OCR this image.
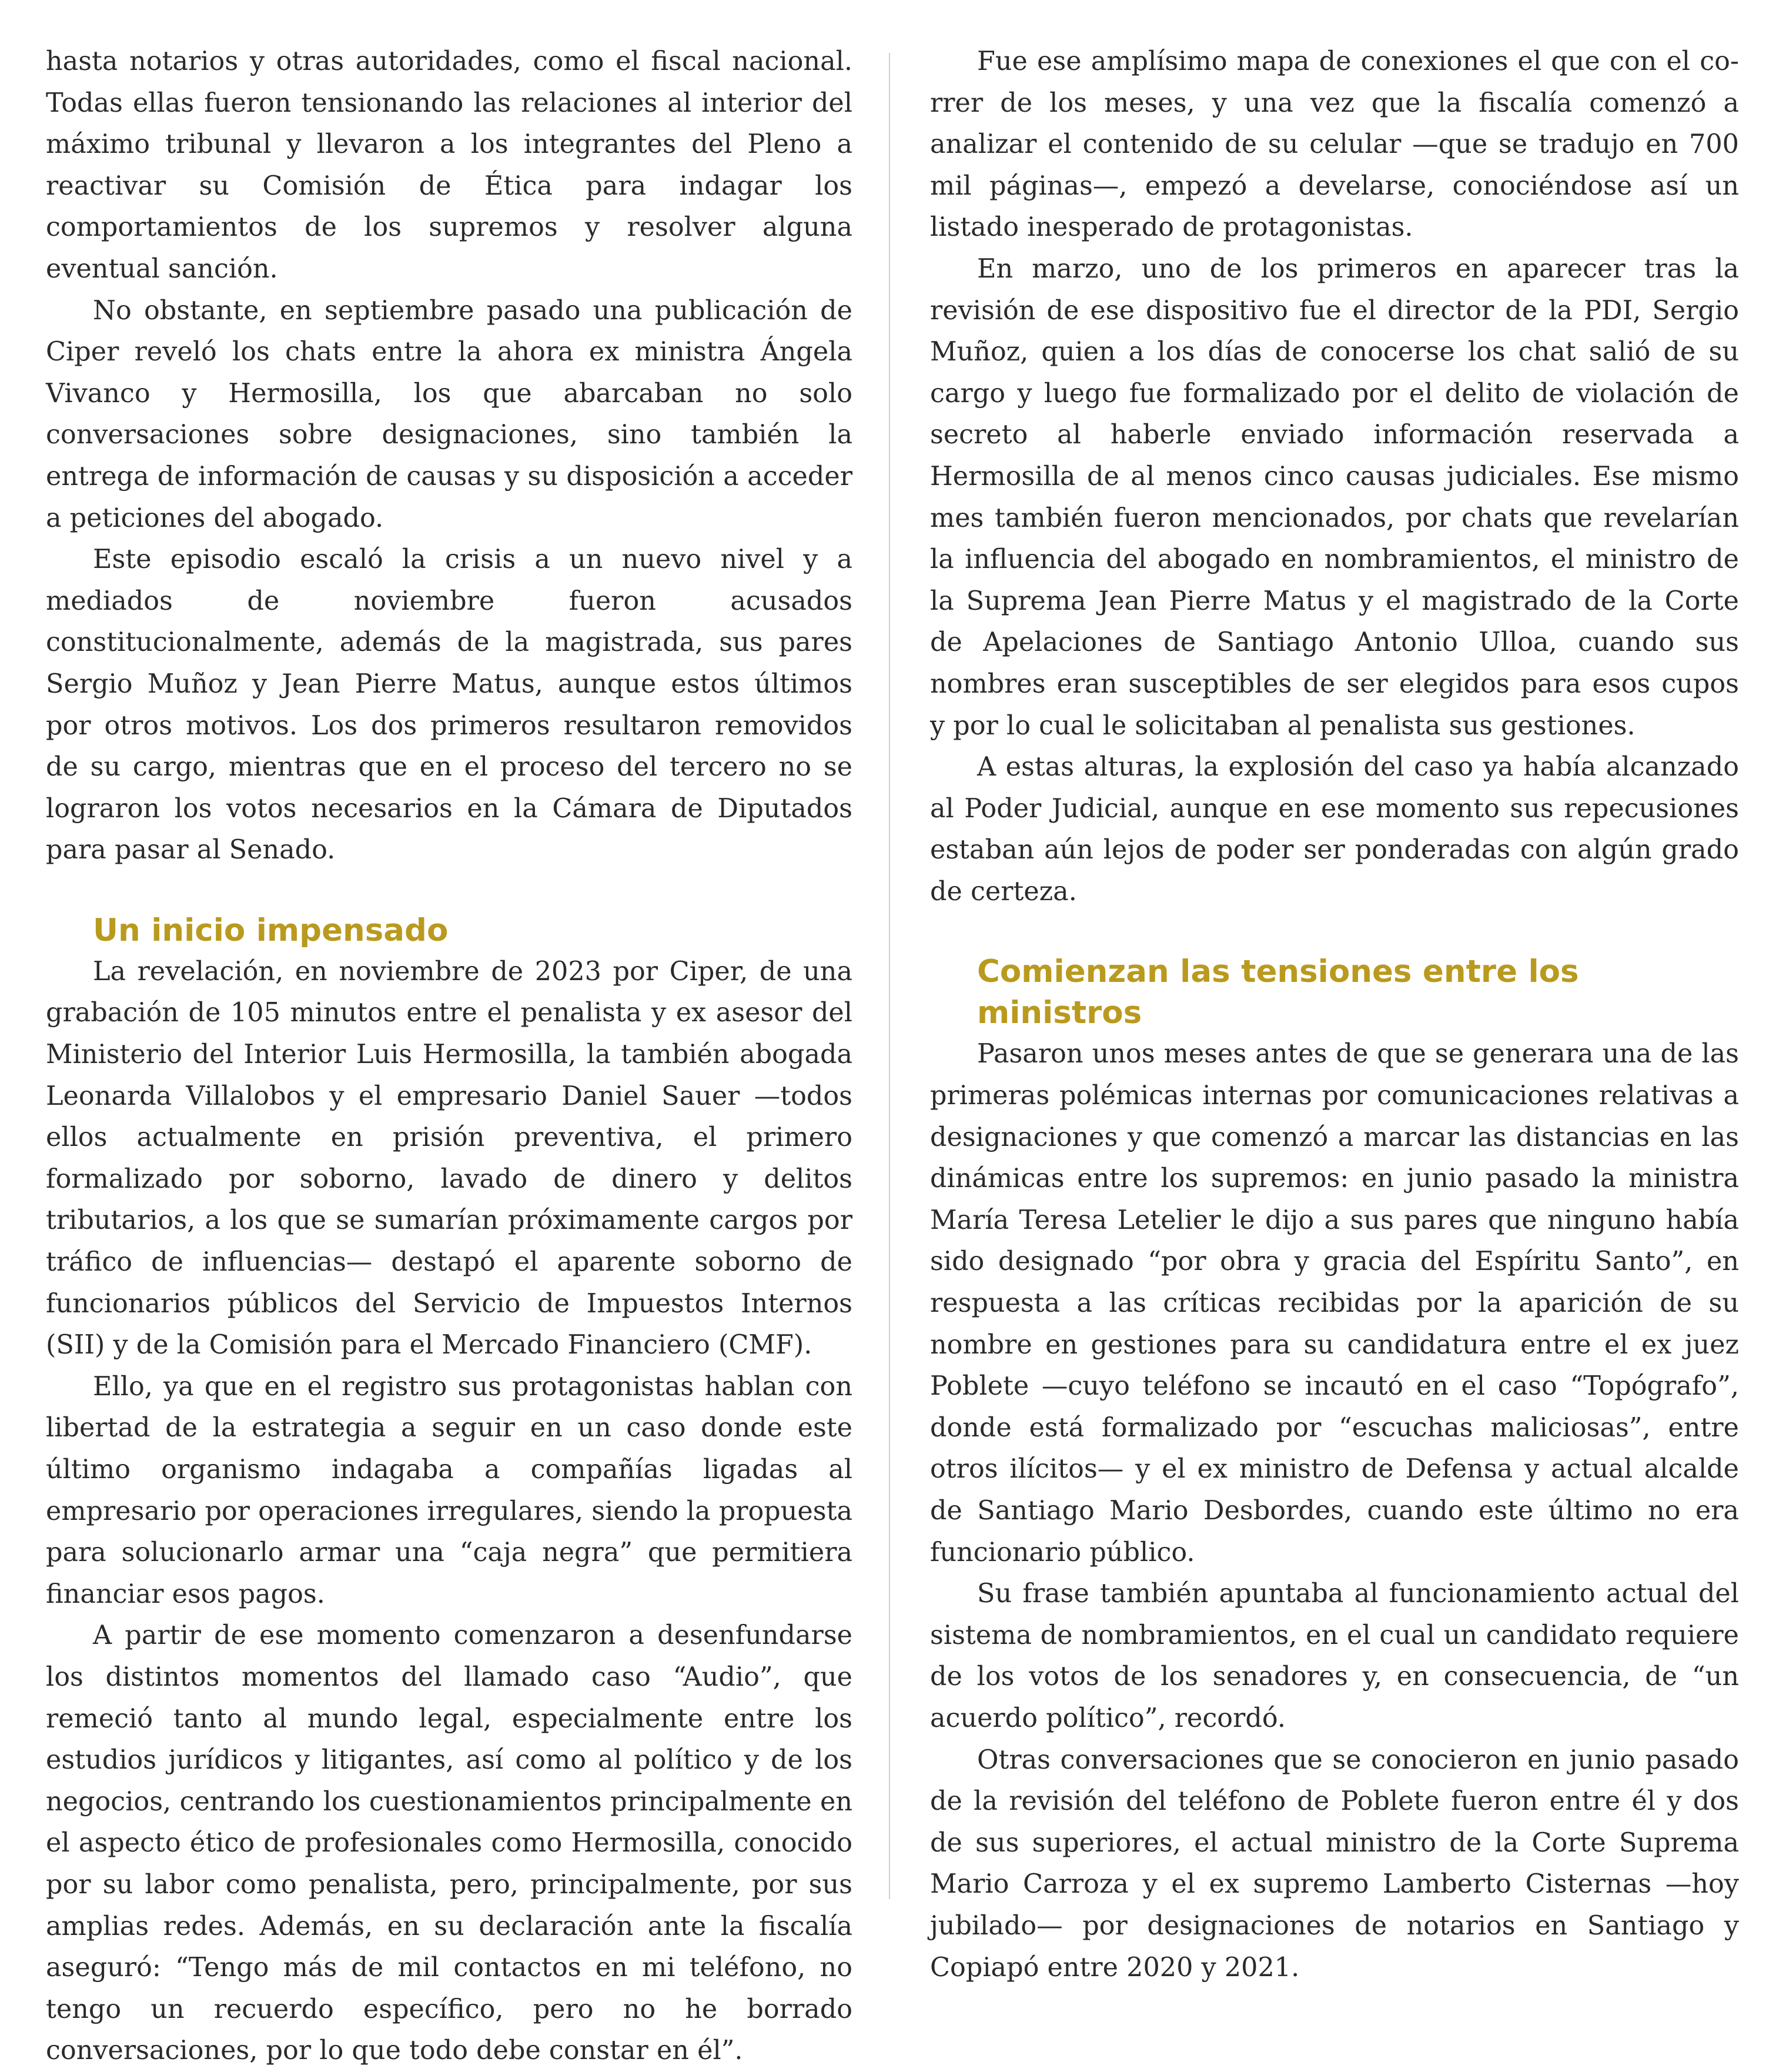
hasta notarios y otras autoridades, como el fiscal nacional. Todas ellas fueron tensionando las relaciones al interior del máximo tribunal y llevaron a los integrantes del Pleno a reactivar su Comisión de Ética para indagar los comportamientos de los supremos y resolver alguna eventual sanción.

No obstante, en septiembre pasado una publicación de Ciper reveló los chats entre la ahora ex ministra Ángela Vivanco y Hermosilla, los que abarcaban no solo conversaciones sobre designaciones, sino también la entrega de información de causas y su disposición a acceder a peticiones del abogado.

Este episodio escaló la crisis a un nuevo nivel y a mediados de noviembre fueron acusados constitucionalmente, además de la magistrada, sus pares Sergio Muñoz y Jean Pierre Matus, aunque estos últimos por otros motivos. Los dos primeros resultaron removidos de su cargo, mientras que en el proceso del tercero no se lograron los votos necesarios en la Cámara de Diputados para pasar al Senado.

Un inicio impensado

La revelación, en noviembre de 2023 por Ciper, de una grabación de 105 minutos entre el penalista y ex asesor del Ministerio del Interior Luis Hermosilla, la también abogada Leonarda Villalobos y el empresario Daniel Sauer —todos ellos actualmente en prisión preventiva, el primero formalizado por soborno, lavado de dinero y delitos tributarios, a los que se sumarían próximamente cargos por tráfico de influencias— destapó el aparente soborno de funcionarios públicos del Servicio de Impuestos Internos (SII) y de la Comisión para el Mercado Financiero (CMF).

Ello, ya que en el registro sus protagonistas hablan con libertad de la estrategia a seguir en un caso donde este último organismo indagaba a compañías ligadas al empresario por operaciones irregulares, siendo la propuesta para solucionarlo armar una “caja negra” que permitiera financiar esos pagos.

A partir de ese momento comenzaron a desenfundarse los distintos momentos del llamado caso “Audio”, que remeció tanto al mundo legal, especialmente entre los estudios jurídicos y litigantes, así como al político y de los negocios, centrando los cuestionamientos principalmente en el aspecto ético de profesionales como Hermosilla, conocido por su labor como penalista, pero, principalmente, por sus amplias redes. Además, en su declaración ante la fiscalía aseguró: “Tengo más de mil contactos en mi teléfono, no tengo un recuerdo específico, pero no he borrado conversaciones, por lo que todo debe constar en él”.

Fue ese amplísimo mapa de conexiones el que con el correr de los meses, y una vez que la fiscalía comenzó a analizar el contenido de su celular —que se tradujo en 700 mil páginas—, empezó a develarse, conociéndose así un listado inesperado de protagonistas.

En marzo, uno de los primeros en aparecer tras la revisión de ese dispositivo fue el director de la PDI, Sergio Muñoz, quien a los días de conocerse los chat salió de su cargo y luego fue formalizado por el delito de violación de secreto al haberle enviado información reservada a Hermosilla de al menos cinco causas judiciales. Ese mismo mes también fueron mencionados, por chats que revelarían la influencia del abogado en nombramientos, el ministro de la Suprema Jean Pierre Matus y el magistrado de la Corte de Apelaciones de Santiago Antonio Ulloa, cuando sus nombres eran susceptibles de ser elegidos para esos cupos y por lo cual le solicitaban al penalista sus gestiones.

A estas alturas, la explosión del caso ya había alcanzado al Poder Judicial, aunque en ese momento sus repecusiones estaban aún lejos de poder ser ponderadas con algún grado de certeza.

Comienzan las tensiones entre los ministros

Pasaron unos meses antes de que se generara una de las primeras polémicas internas por comunicaciones relativas a designaciones y que comenzó a marcar las distancias en las dinámicas entre los supremos: en junio pasado la ministra María Teresa Letelier le dijo a sus pares que ninguno había sido designado “por obra y gracia del Espíritu Santo”, en respuesta a las críticas recibidas por la aparición de su nombre en gestiones para su candidatura entre el ex juez Poblete —cuyo teléfono se incautó en el caso “Topógrafo”, donde está formalizado por “escuchas maliciosas”, entre otros ilícitos— y el ex ministro de Defensa y actual alcalde de Santiago Mario Desbordes, cuando este último no era funcionario público.

Su frase también apuntaba al funcionamiento actual del sistema de nombramientos, en el cual un candidato requiere de los votos de los senadores y, en consecuencia, de “un acuerdo político”, recordó.

Otras conversaciones que se conocieron en junio pasado de la revisión del teléfono de Poblete fueron entre él y dos de sus superiores, el actual ministro de la Corte Suprema Mario Carroza y el ex supremo Lamberto Cisternas —hoy jubilado— por designaciones de notarios en Santiago y Copiapó entre 2020 y 2021.
